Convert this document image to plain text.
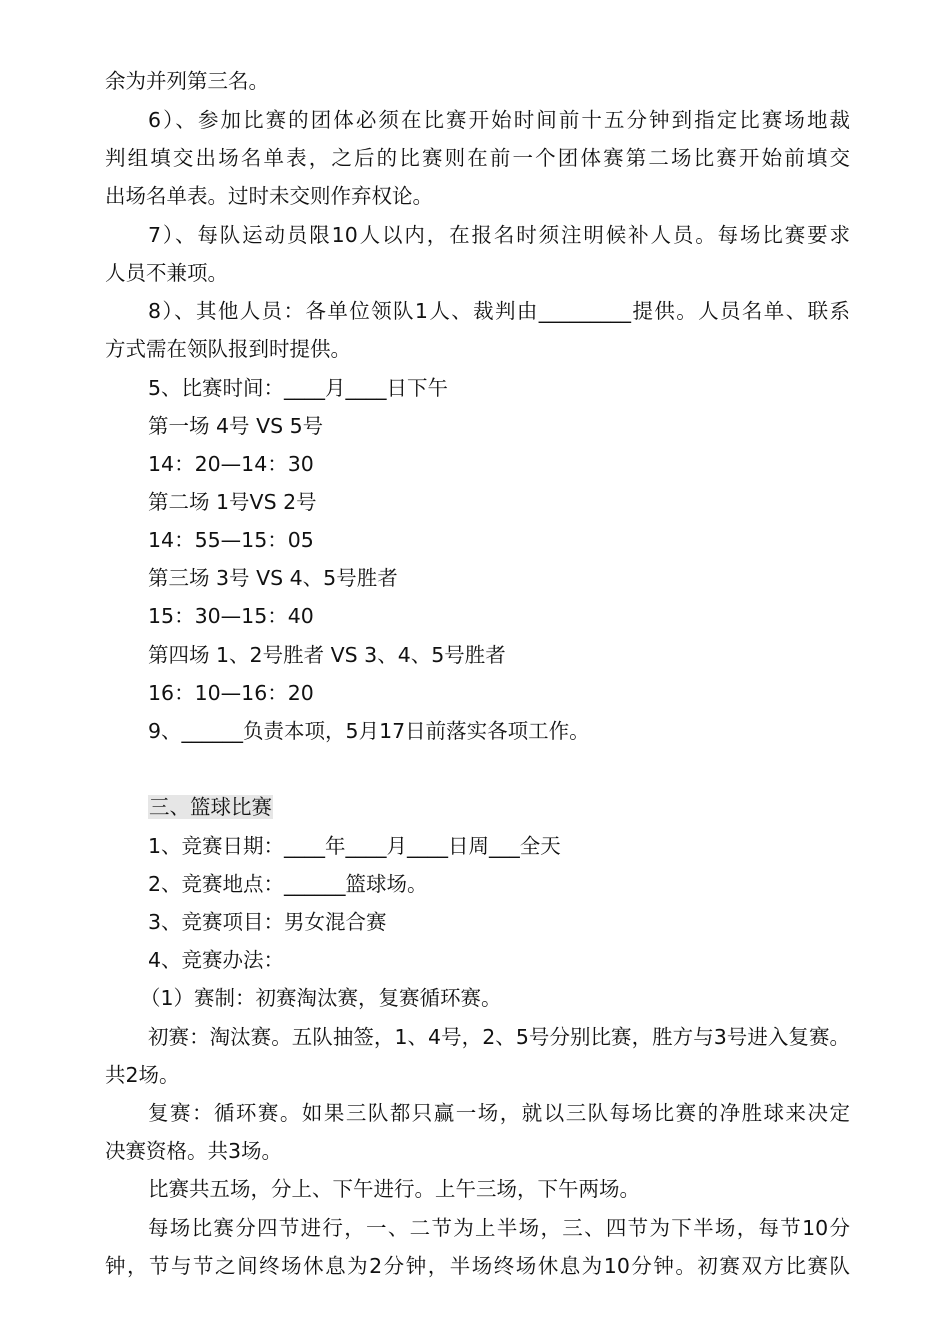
余为并列第三名。
6）、参加比赛的团体必须在比赛开始时间前十五分钟到指定比赛场地裁
判组填交出场名单表，之后的比赛则在前一个团体赛第二场比赛开始前填交
出场名单表。过时未交则作弃权论。
7）、每队运动员限10人以内，在报名时须注明候补人员。每场比赛要求
人员不兼项。
8）、其他人员：各单位领队1人、裁判由_________提供。人员名单、联系
方式需在领队报到时提供。
5、比赛时间：____月____日下午
第一场 4号 VS 5号
14：20—14：30
第二场 1号VS 2号
14：55—15：05
第三场 3号 VS 4、5号胜者
15：30—15：40
第四场 1、2号胜者 VS 3、4、5号胜者
16：10—16：20
9、______负责本项，5月17日前落实各项工作。
三、篮球比赛
1、竞赛日期：____年____月____日周___全天
2、竞赛地点：______篮球场。
3、竞赛项目：男女混合赛
4、竞赛办法：
（1）赛制：初赛淘汰赛，复赛循环赛。
初赛：淘汰赛。五队抽签，1、4号，2、5号分别比赛，胜方与3号进入复赛。
共2场。
复赛：循环赛。如果三队都只赢一场，就以三队每场比赛的净胜球来决定
决赛资格。共3场。
比赛共五场，分上、下午进行。上午三场，下午两场。
每场比赛分四节进行，一、二节为上半场，三、四节为下半场，每节10分
钟，节与节之间终场休息为2分钟，半场终场休息为10分钟。初赛双方比赛队
